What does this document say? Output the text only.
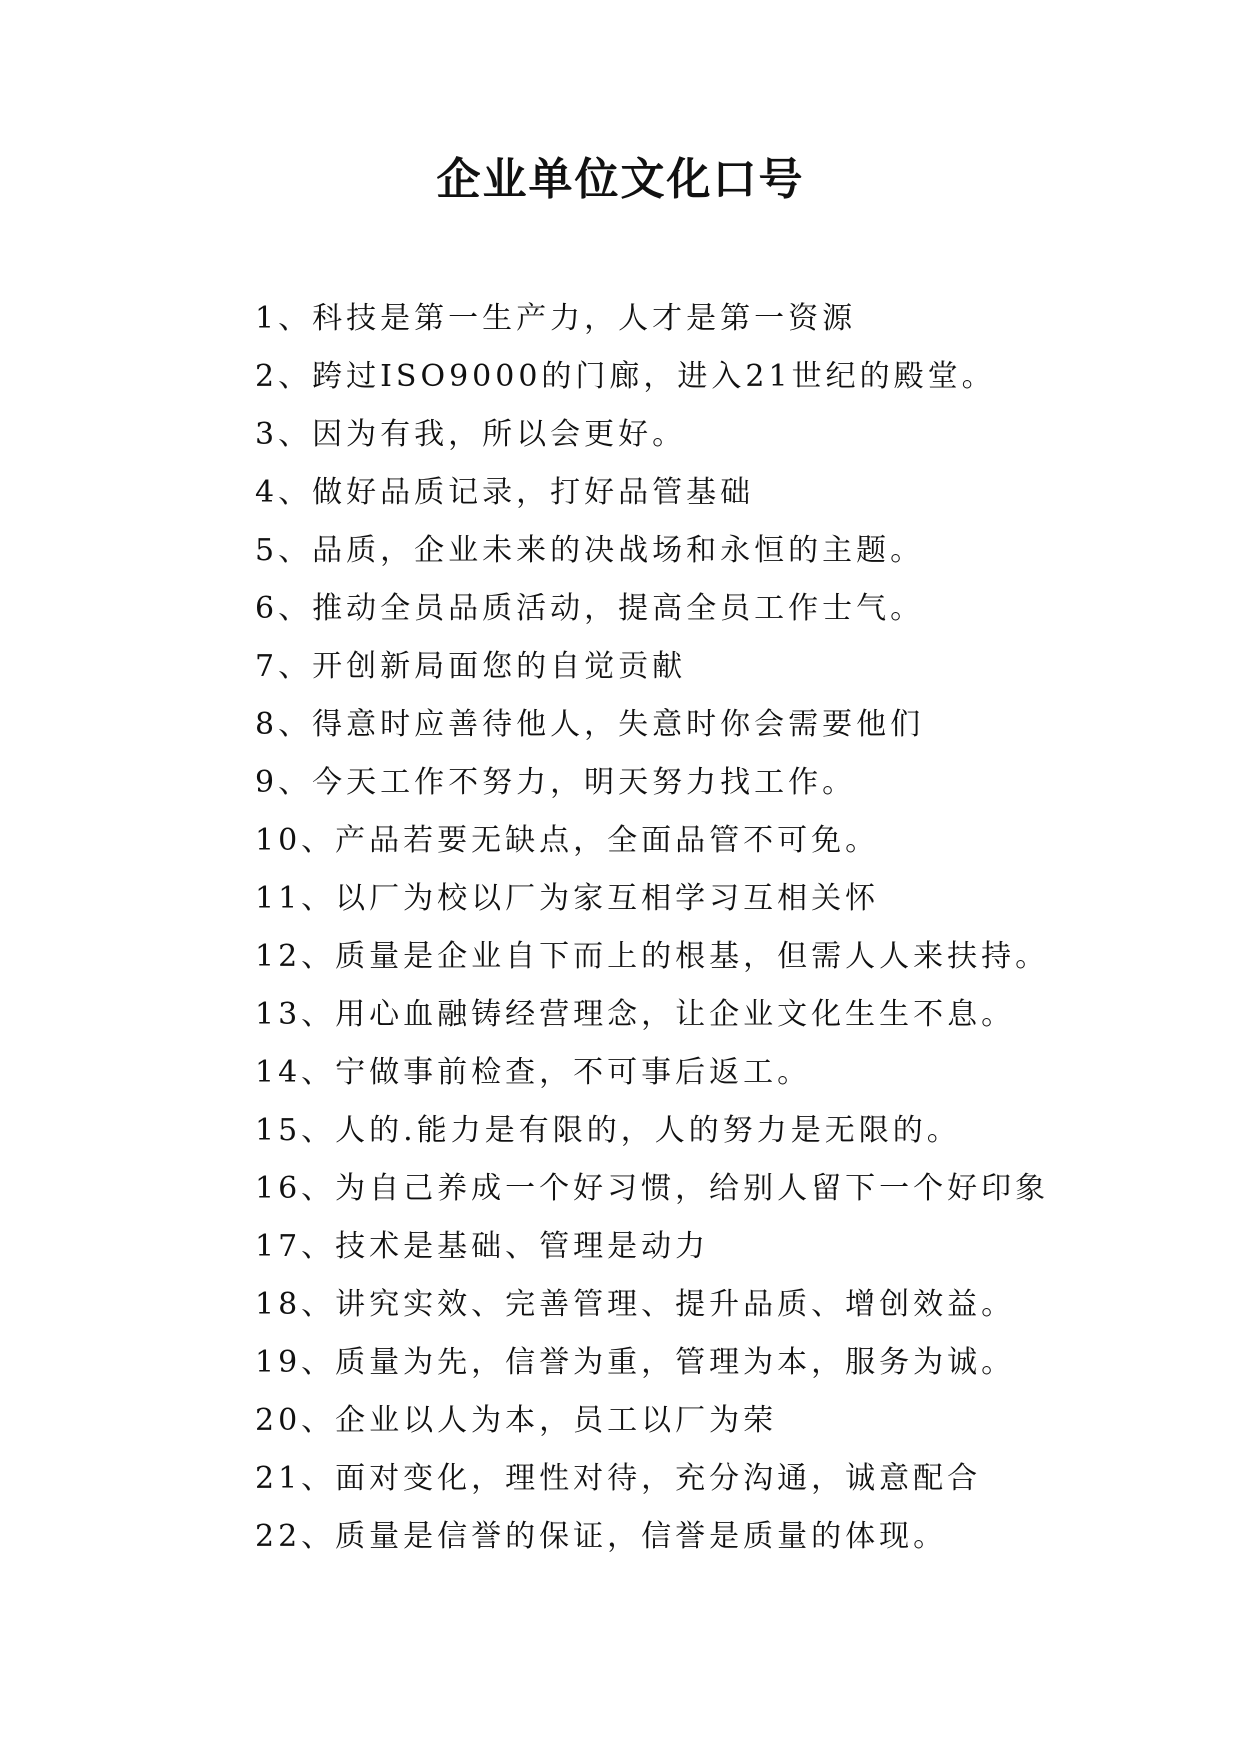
企业单位文化口号
1、科技是第一生产力，人才是第一资源
2、跨过ISO9000的门廊，进入21世纪的殿堂。
3、因为有我，所以会更好。
4、做好品质记录，打好品管基础
5、品质，企业未来的决战场和永恒的主题。
6、推动全员品质活动，提高全员工作士气。
7、开创新局面您的自觉贡献
8、得意时应善待他人，失意时你会需要他们
9、今天工作不努力，明天努力找工作。
10、产品若要无缺点，全面品管不可免。
11、以厂为校以厂为家互相学习互相关怀
12、质量是企业自下而上的根基，但需人人来扶持。
13、用心血融铸经营理念，让企业文化生生不息。
14、宁做事前检查，不可事后返工。
15、人的.能力是有限的，人的努力是无限的。
16、为自己养成一个好习惯，给别人留下一个好印象
17、技术是基础、管理是动力
18、讲究实效、完善管理、提升品质、增创效益。
19、质量为先，信誉为重，管理为本，服务为诚。
20、企业以人为本，员工以厂为荣
21、面对变化，理性对待，充分沟通，诚意配合
22、质量是信誉的保证，信誉是质量的体现。
